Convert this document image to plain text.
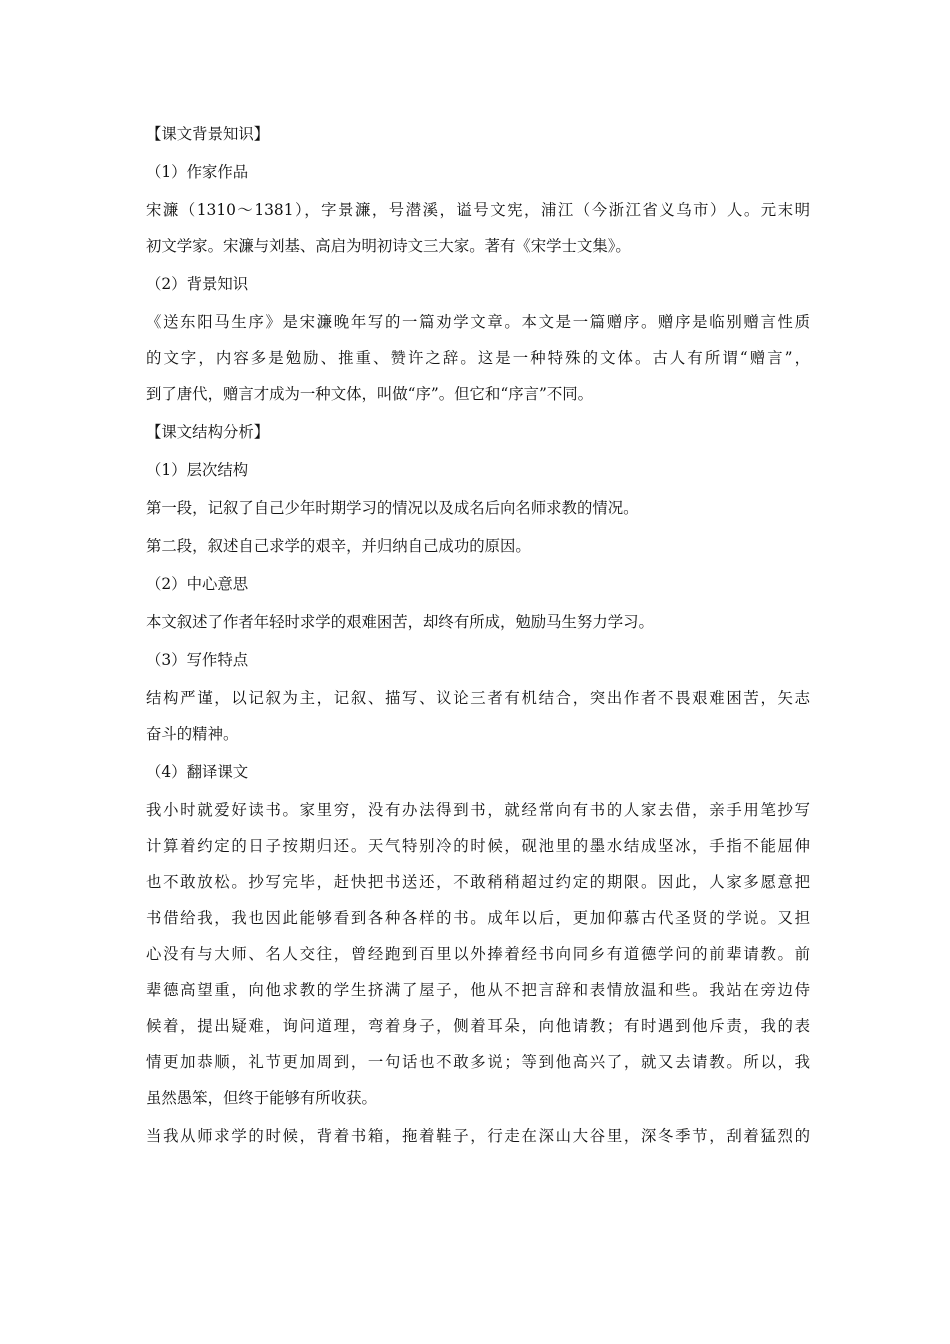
【课文背景知识】

（1）作家作品

宋濂（1310～1381），字景濂，号潜溪，谥号文宪，浦江（今浙江省义乌市）人。元末明
初文学家。宋濂与刘基、高启为明初诗文三大家。著有《宋学士文集》。

（2）背景知识

《送东阳马生序》是宋濂晚年写的一篇劝学文章。本文是一篇赠序。赠序是临别赠言性质
的文字，内容多是勉励、推重、赞许之辞。这是一种特殊的文体。古人有所谓“赠言”，
到了唐代，赠言才成为一种文体，叫做“序”。但它和“序言”不同。

【课文结构分析】

（1）层次结构

第一段，记叙了自己少年时期学习的情况以及成名后向名师求教的情况。

第二段，叙述自己求学的艰辛，并归纳自己成功的原因。

（2）中心意思

本文叙述了作者年轻时求学的艰难困苦，却终有所成，勉励马生努力学习。

（3）写作特点

结构严谨，以记叙为主，记叙、描写、议论三者有机结合，突出作者不畏艰难困苦，矢志
奋斗的精神。

（4）翻译课文

我小时就爱好读书。家里穷，没有办法得到书，就经常向有书的人家去借，亲手用笔抄写
计算着约定的日子按期归还。天气特别冷的时候，砚池里的墨水结成坚冰，手指不能屈伸
也不敢放松。抄写完毕，赶快把书送还，不敢稍稍超过约定的期限。因此，人家多愿意把
书借给我，我也因此能够看到各种各样的书。成年以后，更加仰慕古代圣贤的学说。又担
心没有与大师、名人交往，曾经跑到百里以外捧着经书向同乡有道德学问的前辈请教。前
辈德高望重，向他求教的学生挤满了屋子，他从不把言辞和表情放温和些。我站在旁边侍
候着，提出疑难，询问道理，弯着身子，侧着耳朵，向他请教；有时遇到他斥责，我的表
情更加恭顺，礼节更加周到，一句话也不敢多说；等到他高兴了，就又去请教。所以，我
虽然愚笨，但终于能够有所收获。
当我从师求学的时候，背着书箱，拖着鞋子，行走在深山大谷里，深冬季节，刮着猛烈的
